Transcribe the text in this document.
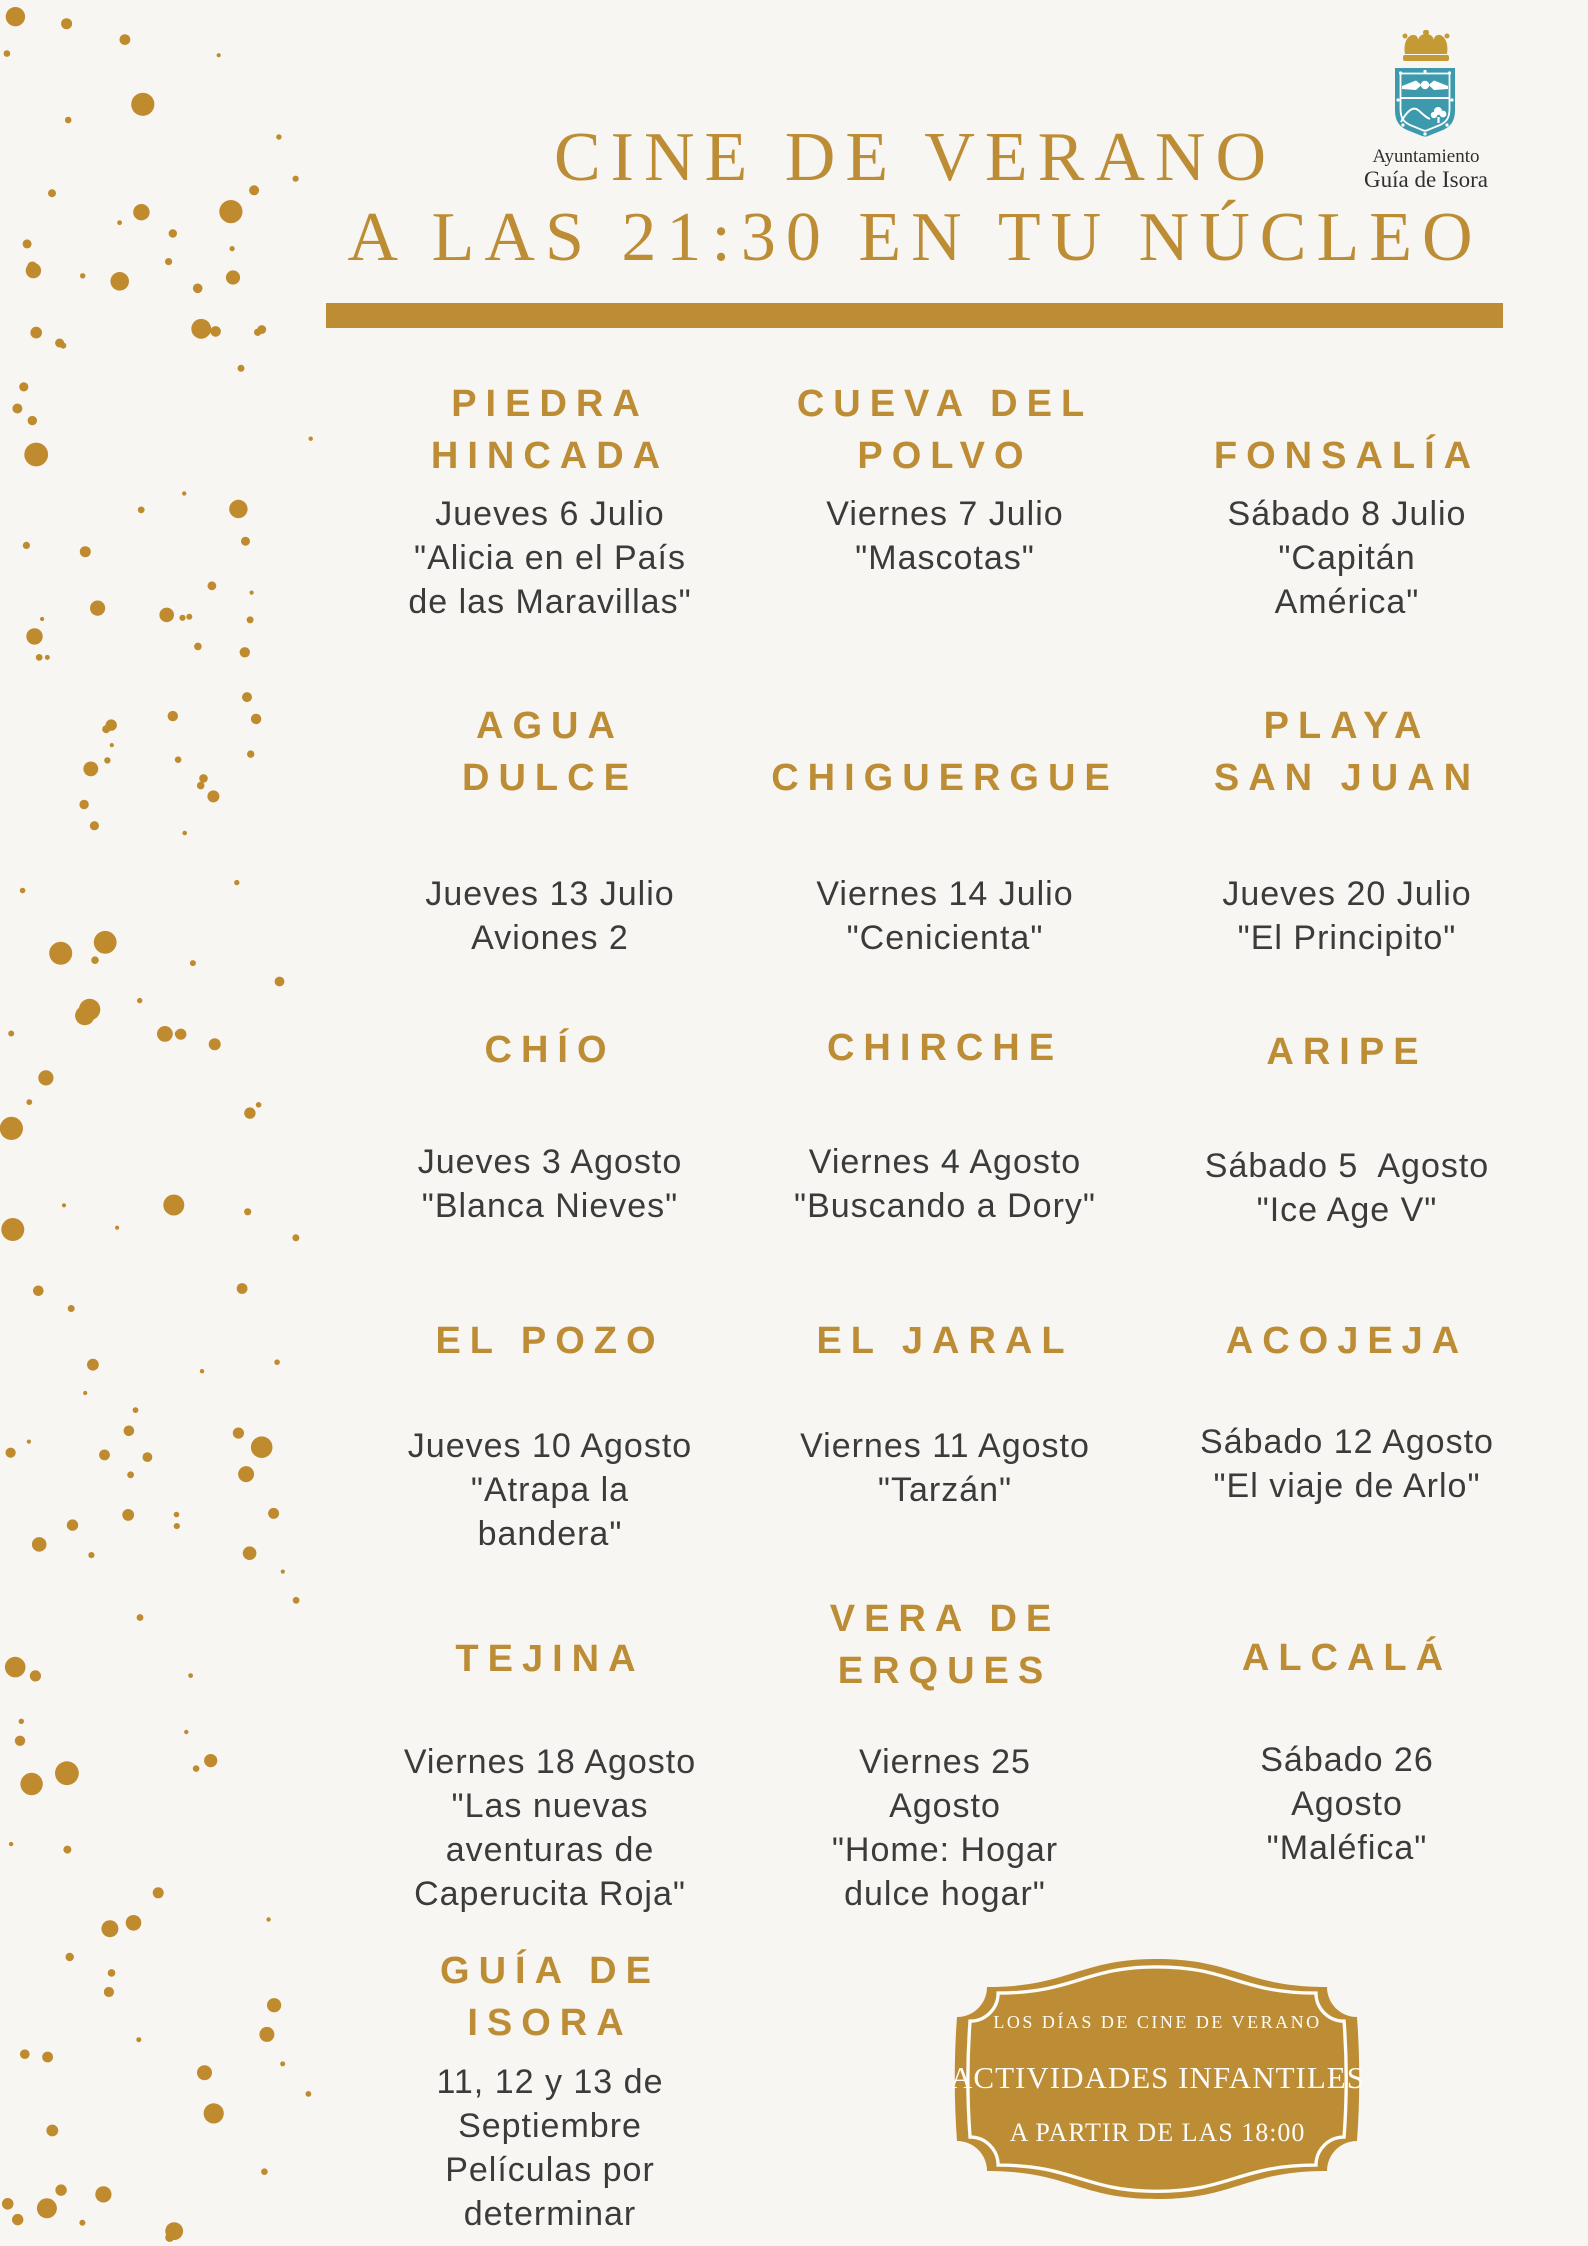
Ayuntamiento
Guía de Isora
CINE DE VERANO
A LAS 21:30 EN TU NÚCLEO
PIEDRA
HINCADA
Jueves 6 Julio
"Alicia en el País
de las Maravillas"
CUEVA DEL
POLVO
Viernes 7 Julio
"Mascotas"
FONSALÍA
Sábado 8 Julio
"Capitán
América"
AGUA
DULCE
Jueves 13 Julio
Aviones 2
CHIGUERGUE
Viernes 14 Julio
"Cenicienta"
PLAYA
SAN JUAN
Jueves 20 Julio
"El Principito"
CHÍO
Jueves 3 Agosto
"Blanca Nieves"
CHIRCHE
Viernes 4 Agosto
"Buscando a Dory"
ARIPE
Sábado 5  Agosto
"Ice Age V"
EL POZO
Jueves 10 Agosto
"Atrapa la
bandera"
EL JARAL
Viernes 11 Agosto
"Tarzán"
ACOJEJA
Sábado 12 Agosto
"El viaje de Arlo"
TEJINA
Viernes 18 Agosto
"Las nuevas
aventuras de
Caperucita Roja"
VERA DE
ERQUES
Viernes 25
Agosto
"Home: Hogar
dulce hogar"
ALCALÁ
Sábado 26
Agosto
"Maléfica"
GUÍA DE
ISORA
11, 12 y 13 de
Septiembre
Películas por
determinar
LOS DÍAS DE CINE DE VERANO
ACTIVIDADES INFANTILES
A PARTIR DE LAS 18:00
